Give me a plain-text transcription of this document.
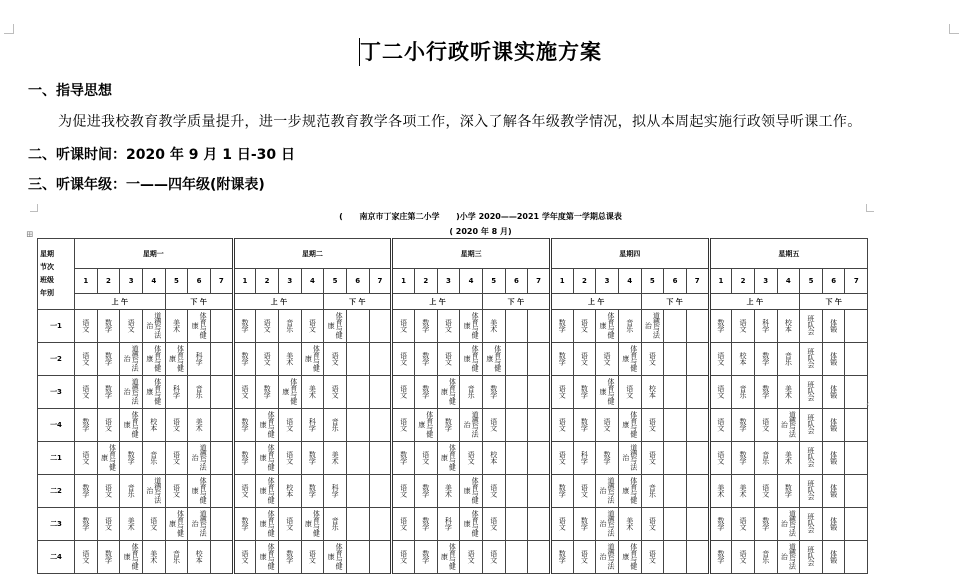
丁二小行政听课实施方案
一、指导思想
为促进我校教育教学质量提升，进一步规范教育教学各项工作，深入了解各年级教学情况，拟从本周起实施行政领导听课工作。
二、听课时间：2020 年 9 月 1 日-30 日
三、听课年级：一——四年级(附课表)
(      南京市丁家庄第二小学      )小学 2020——2021 学年度第一学期总课表
( 2020 年 8 月)
星期
节次
班级
年别	星期一							星期二							星期三							星期四							星期五						
	1	2	3	4	5	6	7	1	2	3	4	5	6	7	1	2	3	4	5	6	7	1	2	3	4	5	6	7	1	2	3	4	5	6	7
	上 午				下 午			上 午				下 午			上 午				下 午			上 午				下 午			上 午				下 午		
一1	语文	数学	语文	道德与法治	美术	体育与健康		数学	语文	音乐	语文	体育与健康			语文	数学	语文	体育与健康	美术			数学	语文	体育与健康	音乐	道德与法治			数学	语文	科学	校本	班队会	体锻	
一2	语文	数学	道德与法治	体育与健康	体育与健康	科学		数学	语文	美术	体育与健康	语文			语文	数学	语文	体育与健康	体育与健康			数学	语文	语文	体育与健康	语文			语文	校本	数学	音乐	班队会	体锻	
一3	语文	数学	道德与法治	体育与健康	科学	音乐		语文	数学	体育与健康	美术	语文			语文	数学	体育与健康	音乐	数学			语文	数学	体育与健康	语文	校本			语文	音乐	数学	美术	班队会	体锻	
一4	数学	语文	体育与健康	校本	语文	美术		数学	体育与健康	语文	科学	音乐			语文	体育与健康	数学	道德与法治	语文			语文	数学	语文	体育与健康	语文			语文	数学	语文	道德与法治	班队会	体锻	
二1	语文	体育与健康	数学	音乐	语文	道德与法治		数学	体育与健康	语文	数学	美术			数学	语文	体育与健康	语文	校本			语文	科学	数学	道德与法治	语文			语文	数学	音乐	美术	班队会	体锻	
二2	数学	语文	音乐	道德与法治	语文	体育与健康		语文	体育与健康	校本	数学	科学			语文	数学	美术	体育与健康	语文			数学	语文	道德与法治	体育与健康	音乐			美术	美术	语文	数学	班队会	体锻	
二3	数学	语文	美术	语文	体育与健康	道德与法治		数学	体育与健康	语文	体育与健康	音乐			语文	数学	科学	体育与健康	语文			语文	数学	道德与法治	美术	语文			数学	语文	数学	道德与法治	班队会	体锻	
二4	语文	数学	体育与健康	美术	音乐	校本		语文	体育与健康	数学	语文	体育与健康			语文	数学	体育与健康	语文	语文			数学	语文	道德与法治	体育与健康	语文			数学	语文	音乐	道德与法治	班队会	体锻	
⊞
‹
